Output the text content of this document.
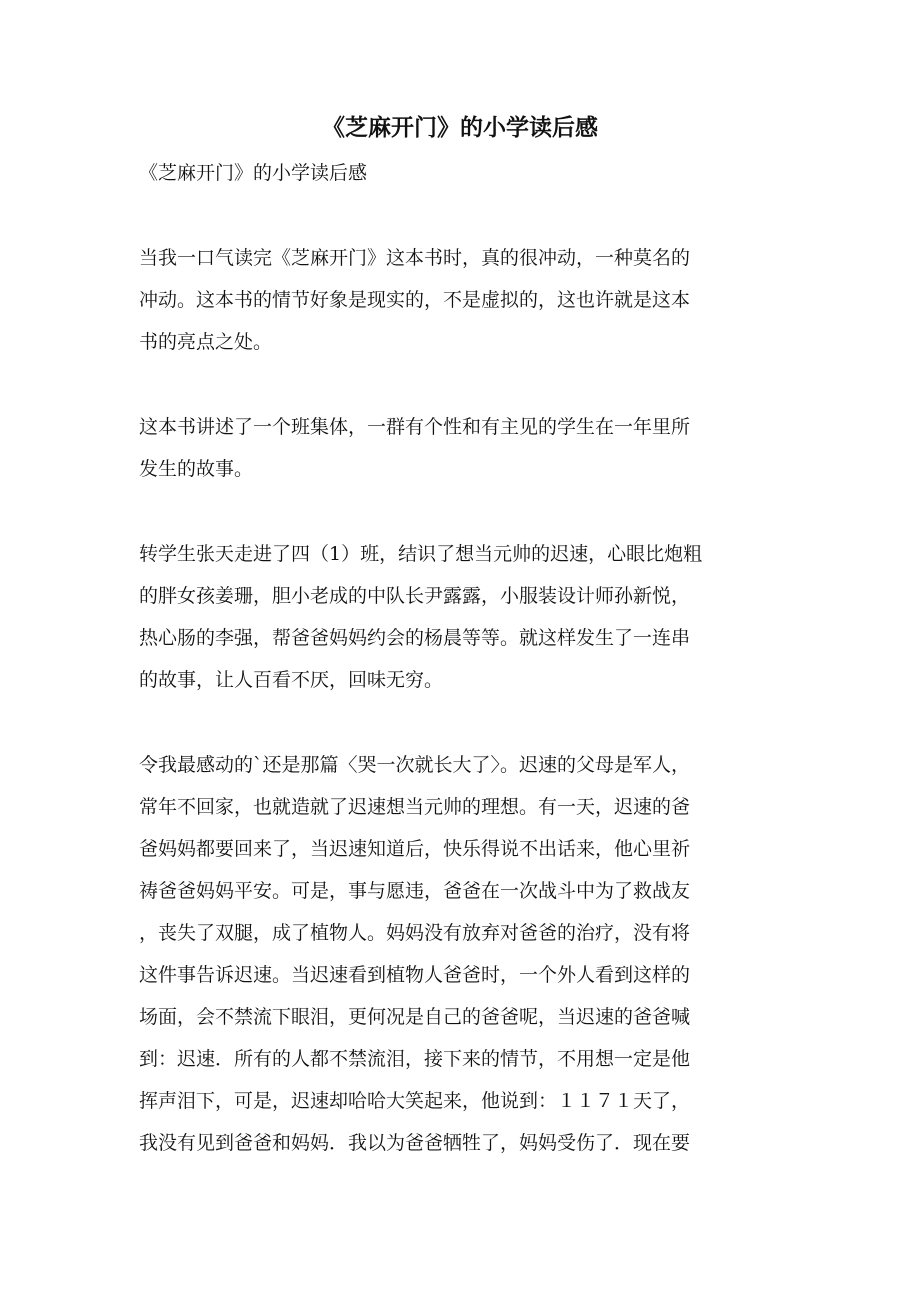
《芝麻开门》的小学读后感

《芝麻开门》的小学读后感

当我一口气读完《芝麻开门》这本书时，真的很冲动，一种莫名的
冲动。这本书的情节好象是现实的，不是虚拟的，这也许就是这本
书的亮点之处。

这本书讲述了一个班集体，一群有个性和有主见的学生在一年里所
发生的故事。

转学生张天走进了四（1）班，结识了想当元帅的迟速，心眼比炮粗
的胖女孩姜珊，胆小老成的中队长尹露露，小服装设计师孙新悦，
热心肠的李强，帮爸爸妈妈约会的杨晨等等。就这样发生了一连串
的故事，让人百看不厌，回味无穷。

令我最感动的`还是那篇〈哭一次就长大了〉。迟速的父母是军人，
常年不回家，也就造就了迟速想当元帅的理想。有一天，迟速的爸
爸妈妈都要回来了，当迟速知道后，快乐得说不出话来，他心里祈
祷爸爸妈妈平安。可是，事与愿违，爸爸在一次战斗中为了救战友
，丧失了双腿，成了植物人。妈妈没有放弃对爸爸的治疗，没有将
这件事告诉迟速。当迟速看到植物人爸爸时，一个外人看到这样的
场面，会不禁流下眼泪，更何况是自己的爸爸呢，当迟速的爸爸喊
到：迟速．所有的人都不禁流泪，接下来的情节，不用想一定是他
挥声泪下，可是，迟速却哈哈大笑起来，他说到：１１７１天了，
我没有见到爸爸和妈妈．我以为爸爸牺牲了，妈妈受伤了．现在要
